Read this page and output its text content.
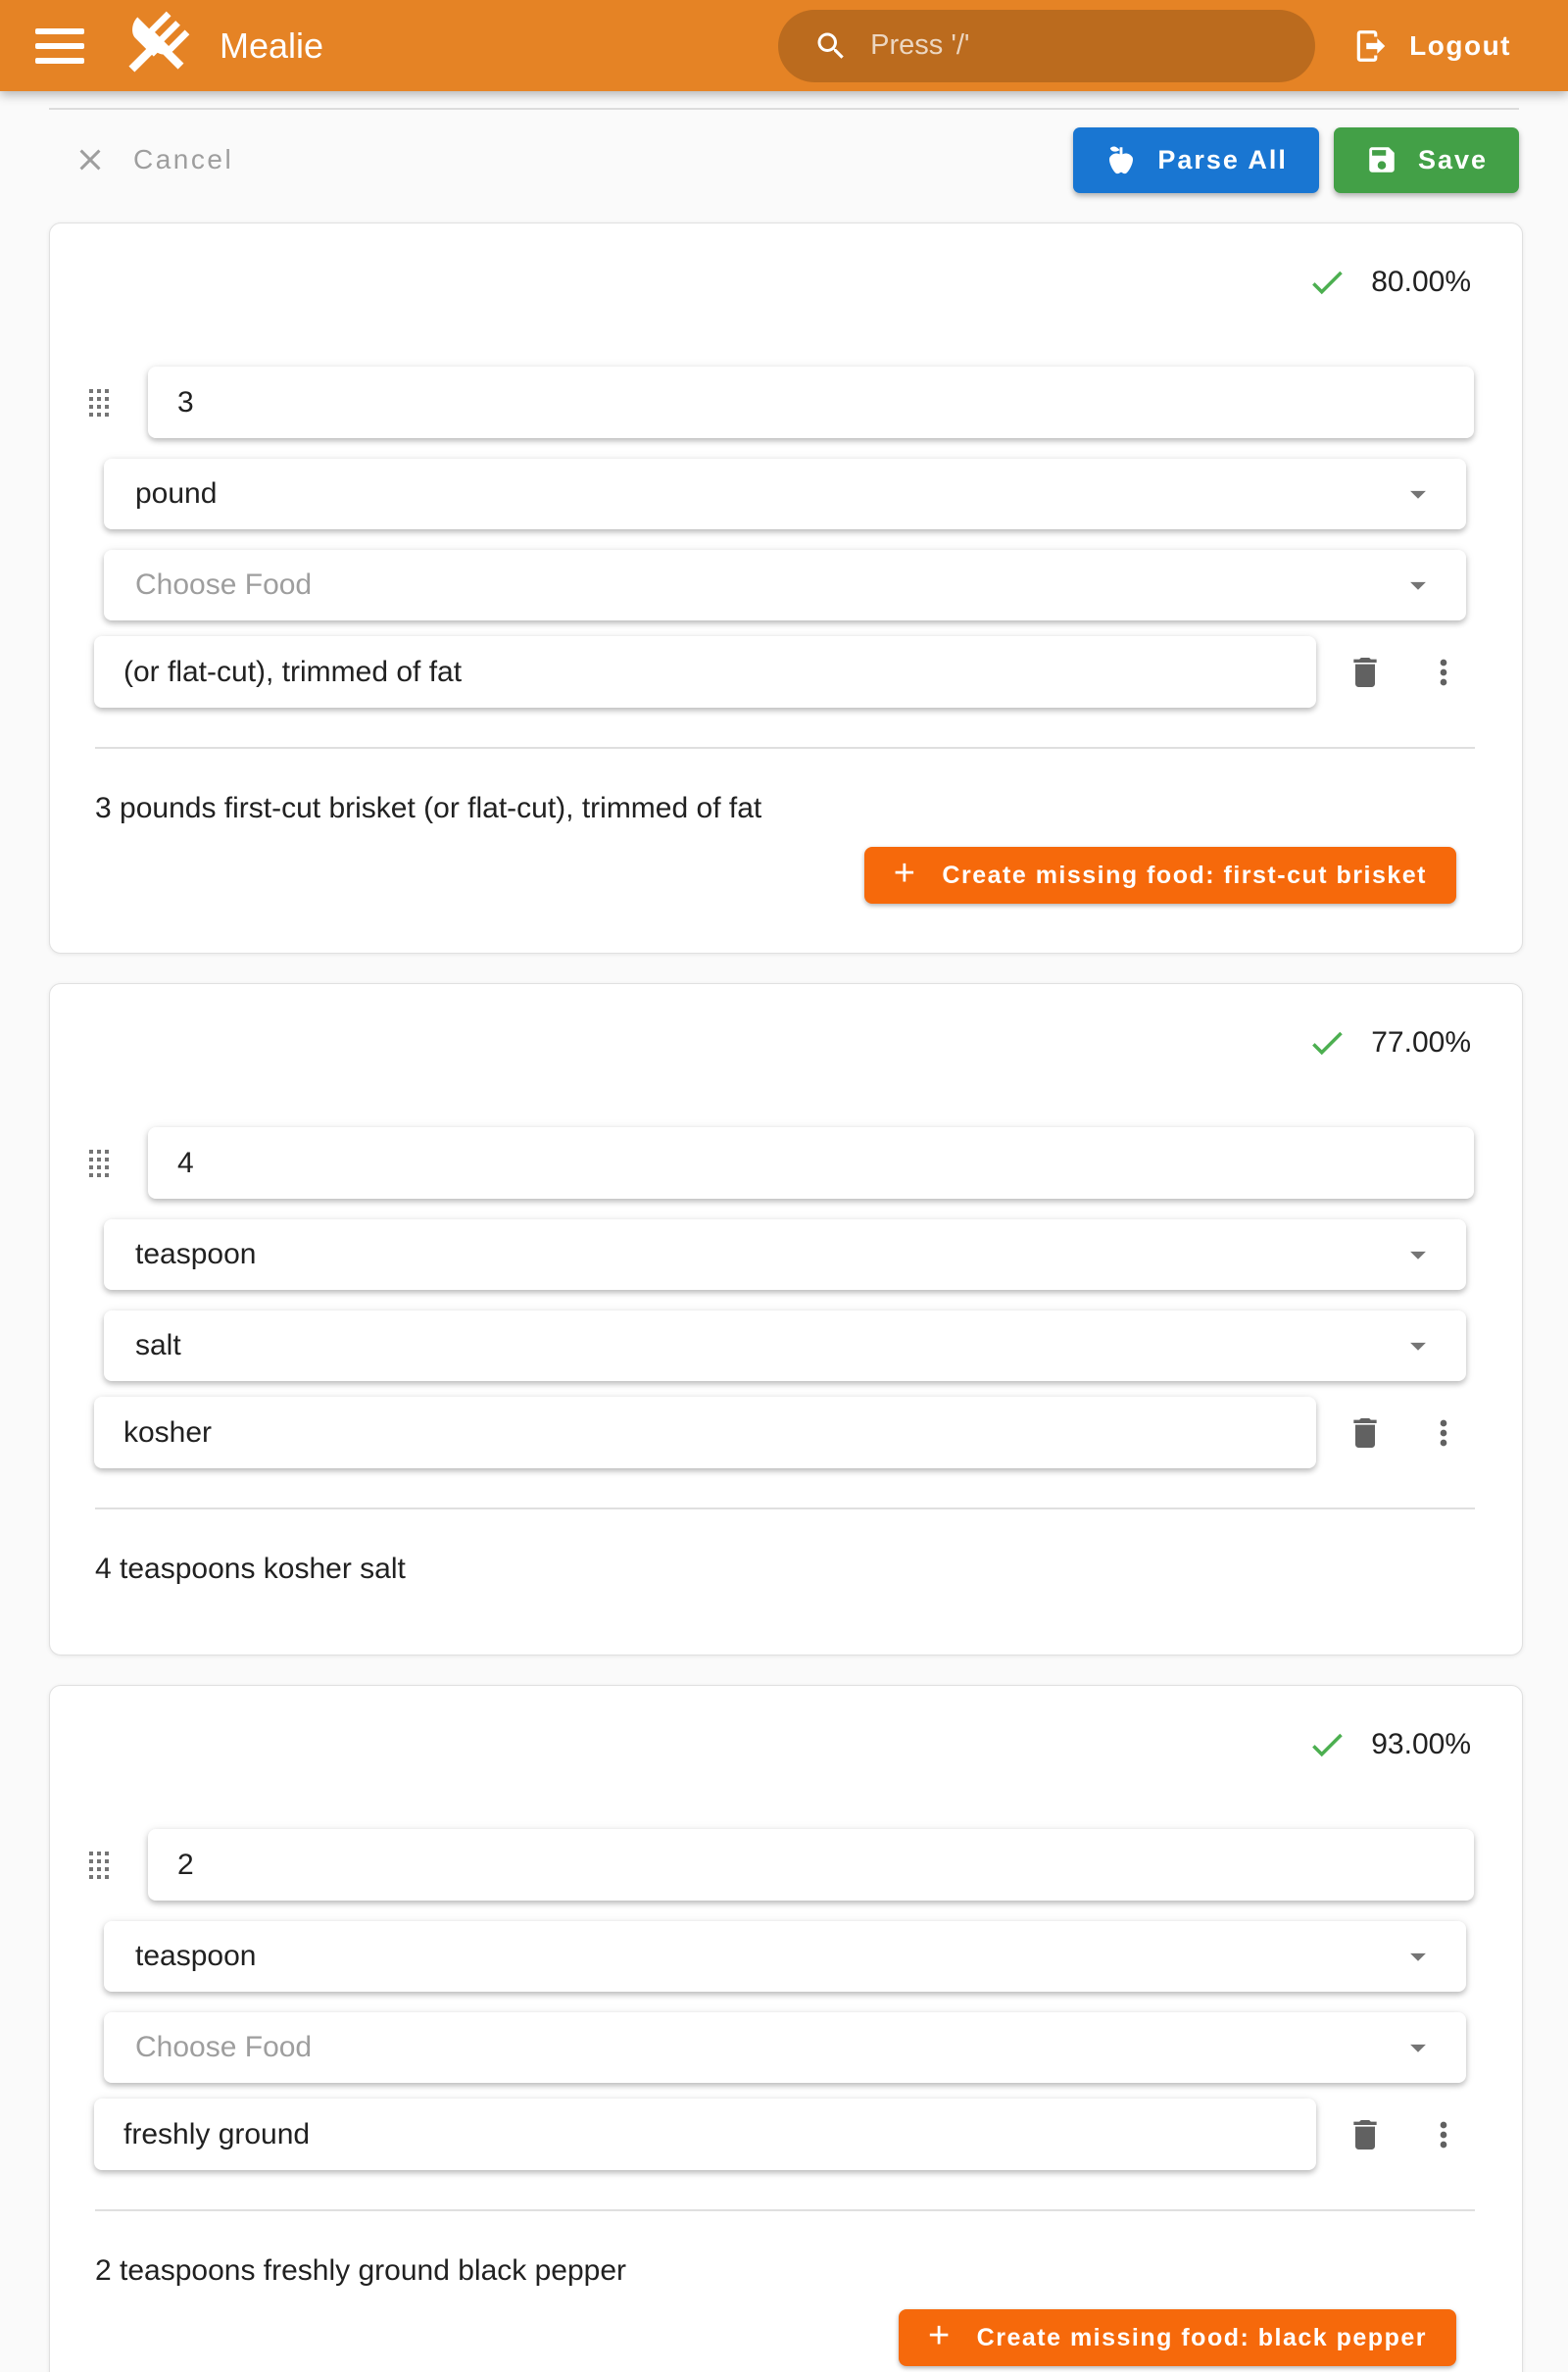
Mealie
Press '/'	Logout
Cancel	Parse All	Save
80.00%
3
pound
Choose Food
(or flat-cut), trimmed of fat
3 pounds first-cut brisket (or flat-cut), trimmed of fat
+ Create missing food: first-cut brisket
77.00%
4
teaspoon
salt
kosher
4 teaspoons kosher salt
93.00%
2
teaspoon
Choose Food
freshly ground
2 teaspoons freshly ground black pepper
+ Create missing food: black pepper
